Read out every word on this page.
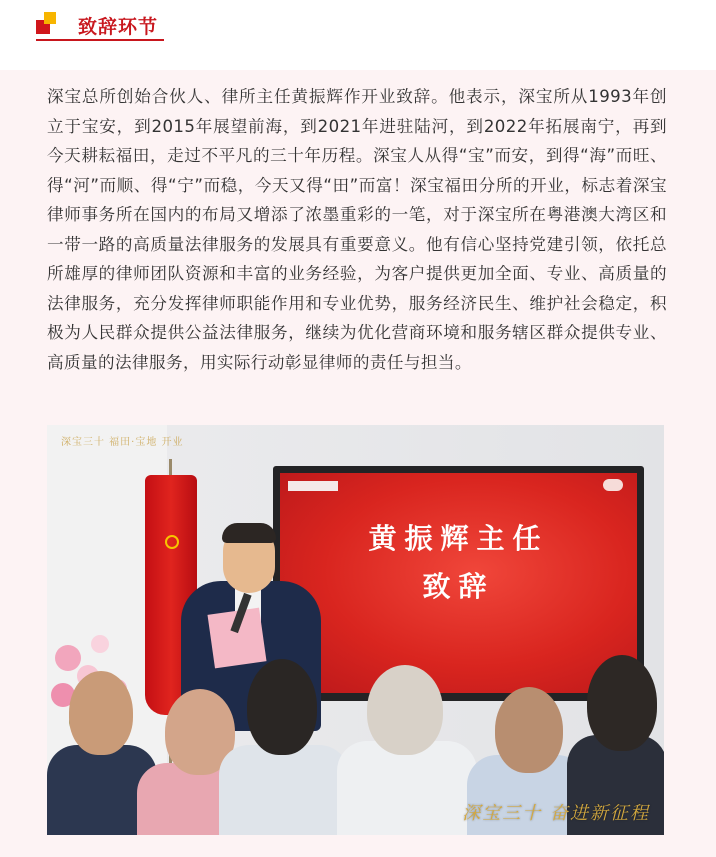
致辞环节
深宝总所创始合伙人、律所主任黄振辉作开业致辞。他表示，深宝所从1993年创立于宝安，到2015年展望前海，到2021年进驻陆河，到2022年拓展南宁，再到今天耕耘福田，走过不平凡的三十年历程。深宝人从得“宝”而安，到得“海”而旺、得“河”而顺、得“宁”而稳，今天又得“田”而富！深宝福田分所的开业，标志着深宝律师事务所在国内的布局又增添了浓墨重彩的一笔，对于深宝所在粤港澳大湾区和一带一路的高质量法律服务的发展具有重要意义。他有信心坚持党建引领，依托总所雄厚的律师团队资源和丰富的业务经验，为客户提供更加全面、专业、高质量的法律服务，充分发挥律师职能作用和专业优势，服务经济民生、维护社会稳定，积极为人民群众提供公益法律服务，继续为优化营商环境和服务辖区群众提供专业、高质量的法律服务，用实际行动彰显律师的责任与担当。
黄振辉主任
致辞
深宝三十 福田·宝地 开业
深宝三十 奋进新征程
